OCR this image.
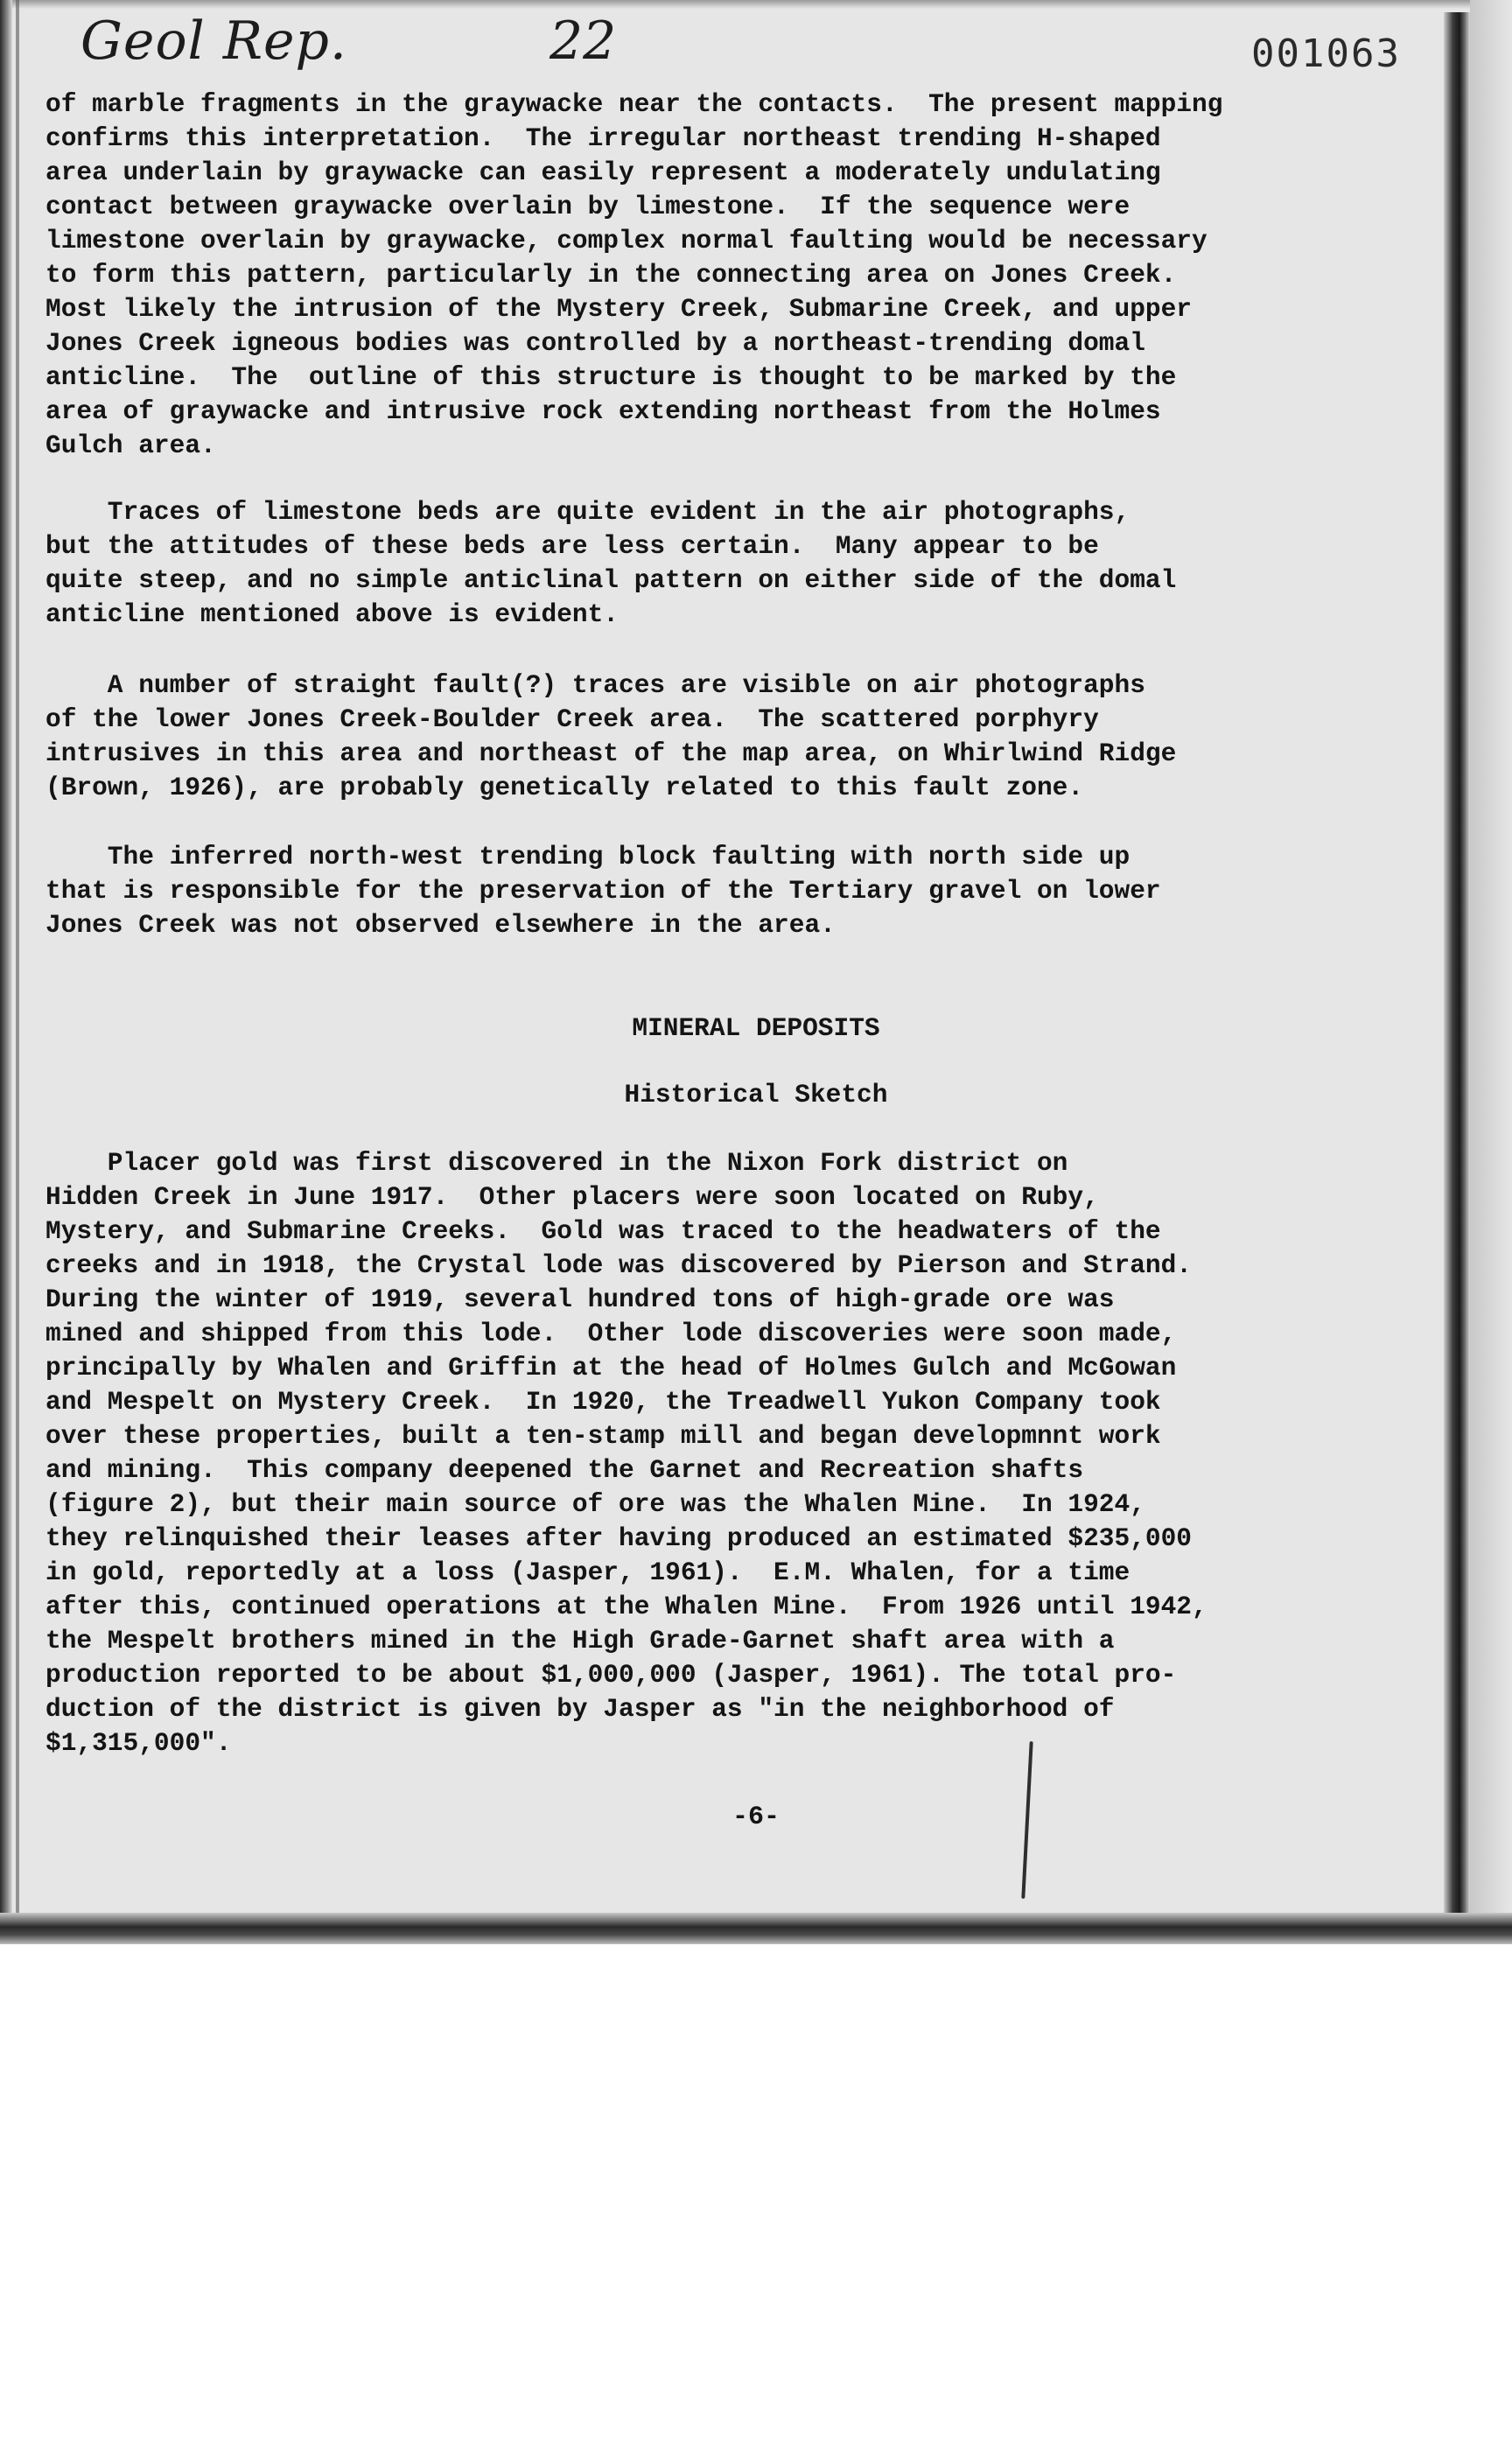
Geol Rep.	22	001063
of marble fragments in the graywacke near the contacts.  The present mapping
confirms this interpretation.  The irregular northeast trending H-shaped
area underlain by graywacke can easily represent a moderately undulating
contact between graywacke overlain by limestone.  If the sequence were
limestone overlain by graywacke, complex normal faulting would be necessary
to form this pattern, particularly in the connecting area on Jones Creek.
Most likely the intrusion of the Mystery Creek, Submarine Creek, and upper
Jones Creek igneous bodies was controlled by a northeast-trending domal
anticline.  The  outline of this structure is thought to be marked by the
area of graywacke and intrusive rock extending northeast from the Holmes
Gulch area.
Traces of limestone beds are quite evident in the air photographs,
but the attitudes of these beds are less certain.  Many appear to be
quite steep, and no simple anticlinal pattern on either side of the domal
anticline mentioned above is evident.
A number of straight fault(?) traces are visible on air photographs
of the lower Jones Creek-Boulder Creek area.  The scattered porphyry
intrusives in this area and northeast of the map area, on Whirlwind Ridge
(Brown, 1926), are probably genetically related to this fault zone.
The inferred north-west trending block faulting with north side up
that is responsible for the preservation of the Tertiary gravel on lower
Jones Creek was not observed elsewhere in the area.
Placer gold was first discovered in the Nixon Fork district on
Hidden Creek in June 1917.  Other placers were soon located on Ruby,
Mystery, and Submarine Creeks.  Gold was traced to the headwaters of the
creeks and in 1918, the Crystal lode was discovered by Pierson and Strand.
During the winter of 1919, several hundred tons of high-grade ore was
mined and shipped from this lode.  Other lode discoveries were soon made,
principally by Whalen and Griffin at the head of Holmes Gulch and McGowan
and Mespelt on Mystery Creek.  In 1920, the Treadwell Yukon Company took
over these properties, built a ten-stamp mill and began developmnnt work
and mining.  This company deepened the Garnet and Recreation shafts
(figure 2), but their main source of ore was the Whalen Mine.  In 1924,
they relinquished their leases after having produced an estimated $235,000
in gold, reportedly at a loss (Jasper, 1961).  E.M. Whalen, for a time
after this, continued operations at the Whalen Mine.  From 1926 until 1942,
the Mespelt brothers mined in the High Grade-Garnet shaft area with a
production reported to be about $1,000,000 (Jasper, 1961). The total pro-
duction of the district is given by Jasper as "in the neighborhood of
$1,315,000".
MINERAL DEPOSITS
Historical Sketch
-6-
